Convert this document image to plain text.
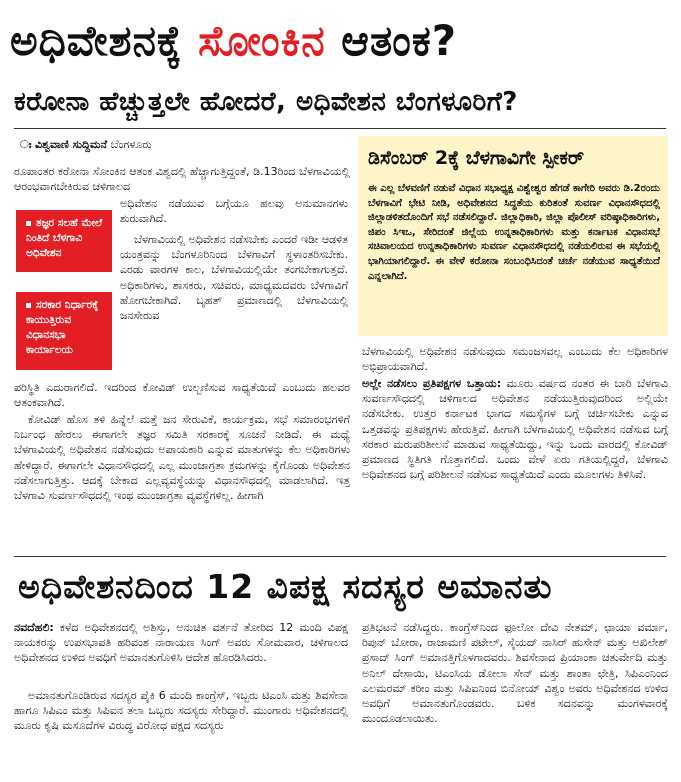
ಅಧಿವೇಶನಕ್ಕೆ ಸೋಂಕಿನ ಆತಂಕ?
ಕರೋನಾ ಹೆಚ್ಚುತ್ತಲೇ ಹೋದರೆ, ಅಧಿವೇಶನ ಬೆಂಗಳೂರಿಗೆ?
ಃ ವಿಶ್ವವಾಣಿ ಸುದ್ದಿಮನೆ ಬೆಂಗಳೂರು

ರೂಪಾಂತರ ಕರೋನಾ ಸೋಂಕಿನ ಆತಂಕ ವಿಶ್ವದಲ್ಲಿ ಹೆಚ್ಚಾಗುತ್ತಿದ್ದಂತೆ, ಡಿ.13ರಿಂದ ಬೆಳಗಾವಿಯಲ್ಲಿ ಆರಂಭವಾಗಬೇಕಿರುವ ಚಳಿಗಾಲದ

ತಜ್ಞರ ಸಲಹೆ ಮೇಲೆ ನಿಂತಿದೆ ಬೆಳಗಾವಿ ಅಧಿವೇಶನ
ಸರಕಾರ ನಿರ್ಧಾರಕ್ಕೆ ಕಾಯುತ್ತಿರುವ ವಿಧಾನಸಭಾ ಕಾರ್ಯಾಲಯ

ಅಧಿವೇಶನ ನಡೆಯುವ ಬಗ್ಗೆಯೂ ಹಲವು ಅನುಮಾನಗಳು ಶುರುವಾಗಿದೆ.

ಬೆಳಗಾವಿಯಲ್ಲಿ ಅಧಿವೇಶನ ನಡೆಸಬೇಕು ಎಂದರೆ ಇಡೀ ಆಡಳಿತ ಯಂತ್ರವನ್ನು ಬೆಂಗಳೂರಿನಿಂದ ಬೆಳಗಾವಿಗೆ ಸ್ಥಳಾಂತರಿಸಬೇಕು. ಎರಡು ವಾರಗಳ ಕಾಲ, ಬೆಳಗಾವಿಯಲ್ಲಿಯೇ ತಂಗಬೇಕಾಗುತ್ತದೆ. ಅಧಿಕಾರಿಗಳು, ಶಾಸಕರು, ಸಚಿವರು, ಮಾಧ್ಯಮದವರು ಬೆಳಗಾವಿಗೆ ಹೋಗಬೇಕಾಗಿದೆ. ಬೃಹತ್ ಪ್ರಮಾಣದಲ್ಲಿ ಬೆಳಗಾವಿಯಲ್ಲಿ ಜನಸೇರುವ

ಪರಿಸ್ಥಿತಿ ಎದುರಾಗಲಿದೆ. ಇದರಿಂದ ಕೋವಿಡ್ ಉಲ್ಬಣಿಸುವ ಸಾಧ್ಯತೆಯಿದೆ ಎಂಬುದು ಹಲವರ ಆತಂಕವಾಗಿದೆ.

ಕೋವಿಡ್ ಹೊಸ ತಳಿ ಹಿನ್ನೆಲೆ ಮತ್ತೆ ಜನ ಸೇರುವಿಕೆ, ಕಾರ್ಯಕ್ರಮ, ಸಭೆ ಸಮಾರಂಭಗಳಿಗೆ ನಿರ್ಬಂಧ ಹೇರಲು ಈಗಾಗಲೇ ತಜ್ಞರ ಸಮಿತಿ ಸರಕಾರಕ್ಕೆ ಸೂಚನೆ ನೀಡಿದೆ. ಈ ಮಧ್ಯೆ ಬೆಳಗಾವಿಯಲ್ಲಿ ಅಧಿವೇಶನ ನಡೆಸುವುದು ಅಪಾಯಕಾರಿ ಎನ್ನುವ ಮಾತುಗಳನ್ನು ಕೆಲ ಅಧಿಕಾರಿಗಳು ಹೇಳಿದ್ದಾರೆ. ಈಗಾಗಲೇ ವಿಧಾನಸೌಧದಲ್ಲಿ ಎಲ್ಲ ಮುಂಜಾಗ್ರತಾ ಕ್ರಮಗಳನ್ನು ಕೈಗೊಂಡು ಅಧಿವೇಶನ ನಡೆಸಲಾಗುತ್ತಿತ್ತು. ಆದಕ್ಕೆ ಬೇಕಾದ ಎಲ್ಲವ್ಯವಸ್ಥೆಯನ್ನು ವಿಧಾನಸೌಧದಲ್ಲಿ ಮಾಡಲಾಗಿದೆ. ಇತ್ತ ಬೆಳಗಾವಿ ಸುವರ್ಣಸೌಧದಲ್ಲಿ ಇಂಥ ಮುಂಜಾಗ್ರತಾ ವ್ಯವಸ್ಥೆಗಳಿಲ್ಲ. ಹೀಗಾಗಿ

ಡಿಸೆಂಬರ್ 2ಕ್ಕೆ ಬೆಳಗಾವಿಗೇ ಸ್ಪೀಕರ್

ಈ ಎಲ್ಲ ಬೆಳವಣಿಗೆ ನಡುವೆ ವಿಧಾನ ಸಭಾಧ್ಯಕ್ಷ ವಿಶ್ವೇಶ್ವರ ಹೆಗಡೆ ಕಾಗೇರಿ ಅವರು ಡಿ.2ರಂದು ಬೆಳಗಾವಿಗೆ ಭೇಟಿ ನೀಡಿ, ಅಧಿವೇಶನದ ಸಿದ್ಧತೆಯ ಕುರಿತಂತೆ ಸುವರ್ಣ ವಿಧಾನಸೌಧದಲ್ಲಿ ಜಿಲ್ಲಾಡಳಿತದೊಂದಿಗೆ ಸಭೆ ನಡೆಸಲಿದ್ದಾರೆ. ಜಿಲ್ಲಾಧಿಕಾರಿ, ಜಿಲ್ಲಾ ಪೊಲೀಸ್ ವರಿಷ್ಠಾಧಿಕಾರಿಗಳು, ಜಿಪಂ ಸಿಇಒ, ಸೇರಿದಂತೆ ಜಿಲ್ಲೆಯ ಉನ್ನತಾಧಿಕಾರಿಗಳು ಮತ್ತು ಕರ್ನಾಟಕ ವಿಧಾನಸಭೆ ಸಚಿವಾಲಯದ ಉನ್ನತಾಧಿಕಾರಿಗಳು ಸುವರ್ಣ ವಿಧಾನಸೌಧದಲ್ಲಿ ನಡೆಯಲಿರುವ ಈ ಸಭೆಯಲ್ಲಿ ಭಾಗಿಯಾಗಲಿದ್ದಾರೆ. ಈ ವೇಳೆ ಕರೋನಾ ಸಂಬಂಧಿಸಿದಂತೆ ಚರ್ಚೆ ನಡೆಯುವ ಸಾಧ್ಯತೆಯಿದೆ ಎನ್ನಲಾಗಿದೆ.

ಬೆಳಗಾವಿಯಲ್ಲಿ ಅಧಿವೇಶನ ನಡೆಸುವುದು ಸಮಂಜಸವಲ್ಲ ಎಂಬುದು ಕೆಲ ಅಧಿಕಾರಿಗಳ ಅಭಿಪ್ರಾಯವಾಗಿದೆ.

ಅಲ್ಲೇ ನಡೆಸಲು ಪ್ರತಿಪಕ್ಷಗಳ ಒತ್ತಾಯ: ಮೂರು ವರ್ಷದ ನಂತರ ಈ ಬಾರಿ ಬೆಳಗಾವಿ ಸುವರ್ಣಸೌಧದಲ್ಲಿ ಚಳಿಗಾಲದ ಅಧಿವೇಶನ ನಡೆಯುತ್ತಿರುವುದರಿಂದ ಅಲ್ಲಿಯೇ ನಡೆಸಬೇಕು. ಉತ್ತರ ಕರ್ನಾಟಕ ಭಾಗದ ಸಮಸ್ಯೆಗಳ ಬಗ್ಗೆ ಚರ್ಚಿಸಬೇಕು ಎನ್ನುವ ಒತ್ತಡವನ್ನು ಪ್ರತಿಪಕ್ಷಗಳು ಹೇರುತ್ತಿವೆ. ಹೀಗಾಗಿ ಬೆಳಗಾವಿಯಲ್ಲಿ ಅಧಿವೇಶನ ನಡೆಸುವ ಬಗ್ಗೆ ಸರಕಾರ ಮರುಪರಿಶೀಲನೆ ಮಾಡುವ ಸಾಧ್ಯತೆಯಿದ್ದು, ಇನ್ನು ಒಂದು ವಾರದಲ್ಲಿ ಕೋವಿಡ್ ಪ್ರಮಾಣದ ಸ್ಥಿತಿಗತಿ ಗೊತ್ತಾಗಲಿದೆ. ಒಂದು ವೇಳೆ ಏರು ಗತಿಯಲ್ಲಿದ್ದರೆ, ಬೆಳಗಾವಿ ಅಧಿವೇಶನದ ಬಗ್ಗೆ ಪರಿಶೀಲನೆ ನಡೆಸುವ ಸಾಧ್ಯತೆಯಿದೆ ಎಂದು ಮೂಲಗಳು ತಿಳಿಸಿವೆ.

ಅಧಿವೇಶನದಿಂದ 12 ವಿಪಕ್ಷ ಸದಸ್ಯರ ಅಮಾನತು

ನವದೆಹಲಿ: ಕಳೆದ ಅಧಿವೇಶನದಲ್ಲಿ ಅಶಿಸ್ತು, ಅನುಚಿತ ವರ್ತನೆ ತೋರಿದ 12 ಮಂದಿ ವಿಪಕ್ಷ ನಾಯಕರನ್ನು ಉಪಸಭಾಪತಿ ಹರಿವಂಶ ನಾರಾಯಣ ಸಿಂಗ್ ಅವರು ಸೋಮವಾರ, ಚಳಿಗಾಲದ ಅಧಿವೇಶನದ ಉಳಿದ ಅವಧಿಗೆ ಅಮಾನತುಗೊಳಿಸಿ ಆದೇಶ ಹೊರಡಿಸಿದರು.

ಅಮಾನತುಗೊಂಡಿರುವ ಸದಸ್ಯರ ಪೈಕಿ 6 ಮಂದಿ ಕಾಂಗ್ರೆಸ್, ಇಬ್ಬರು ಟಿಎಂಸಿ ಮತ್ತು ಶಿವಸೇನಾ ಹಾಗೂ ಸಿಪಿಎಂ ಮತ್ತು ಸಿಪಿಐನ ತಲಾ ಒಬ್ಬರು ಸದಸ್ಯರು ಸೇರಿದ್ದಾರೆ. ಮುಂಗಾರು ಅಧಿವೇಶನದಲ್ಲಿ ಮೂರು ಕೃಷಿ ಮಸೂದೆಗಳ ವಿರುದ್ಧ ವಿರೋಧ ಪಕ್ಷದ ಸದಸ್ಯರು

ಪ್ರತಿಭಟನೆ ನಡೆಸಿದ್ದರು. ಕಾಂಗ್ರೆಸ್‌ನಿಂದ ಫೂಲೋ ದೇವಿ ನೇತಮ್, ಛಾಯಾ ವರ್ಮಾ, ರಿಪುನ್ ಬೋರಾ, ರಾಜಾಮಣಿ ಪಟೇಲ್, ಸೈಯದ್ ನಾಸಿರ್ ಹುಸೇನ್ ಮತ್ತು ಅಖಿಲೇಶ್ ಪ್ರಸಾದ್ ಸಿಂಗ್ ಅಮಾನತ್ತಿಗೊಳಗಾದವರು. ಶಿವಸೇನಾದ ಪ್ರಿಯಾಂಕಾ ಚತುರ್ವೇದಿ ಮತ್ತು ಅನಿಲ್ ದೇಸಾಯಿ, ಟಿಎಂಸಿಯ ಡೋಲಾ ಸೇನ್ ಮತ್ತು ಶಾಂತಾ ಛೇತ್ರಿ, ಸಿಪಿಎಂನಿಂದ ಎಲಮರಮ್ ಕರೀಂ ಮತ್ತು ಸಿಪಿಐನಿಂದ ಬಿನೋಯ್ ವಿಶ್ವಂ ಅವರು ಅಧಿವೇಶನದ ಉಳಿದ ಅವಧಿಗೆ ಅಮಾನತುಗೊಂಡವರು. ಬಳಿಕ ಸದನವನ್ನು ಮಂಗಳವಾರಕ್ಕೆ ಮುಂದೂಡಲಾಯಿತು.
